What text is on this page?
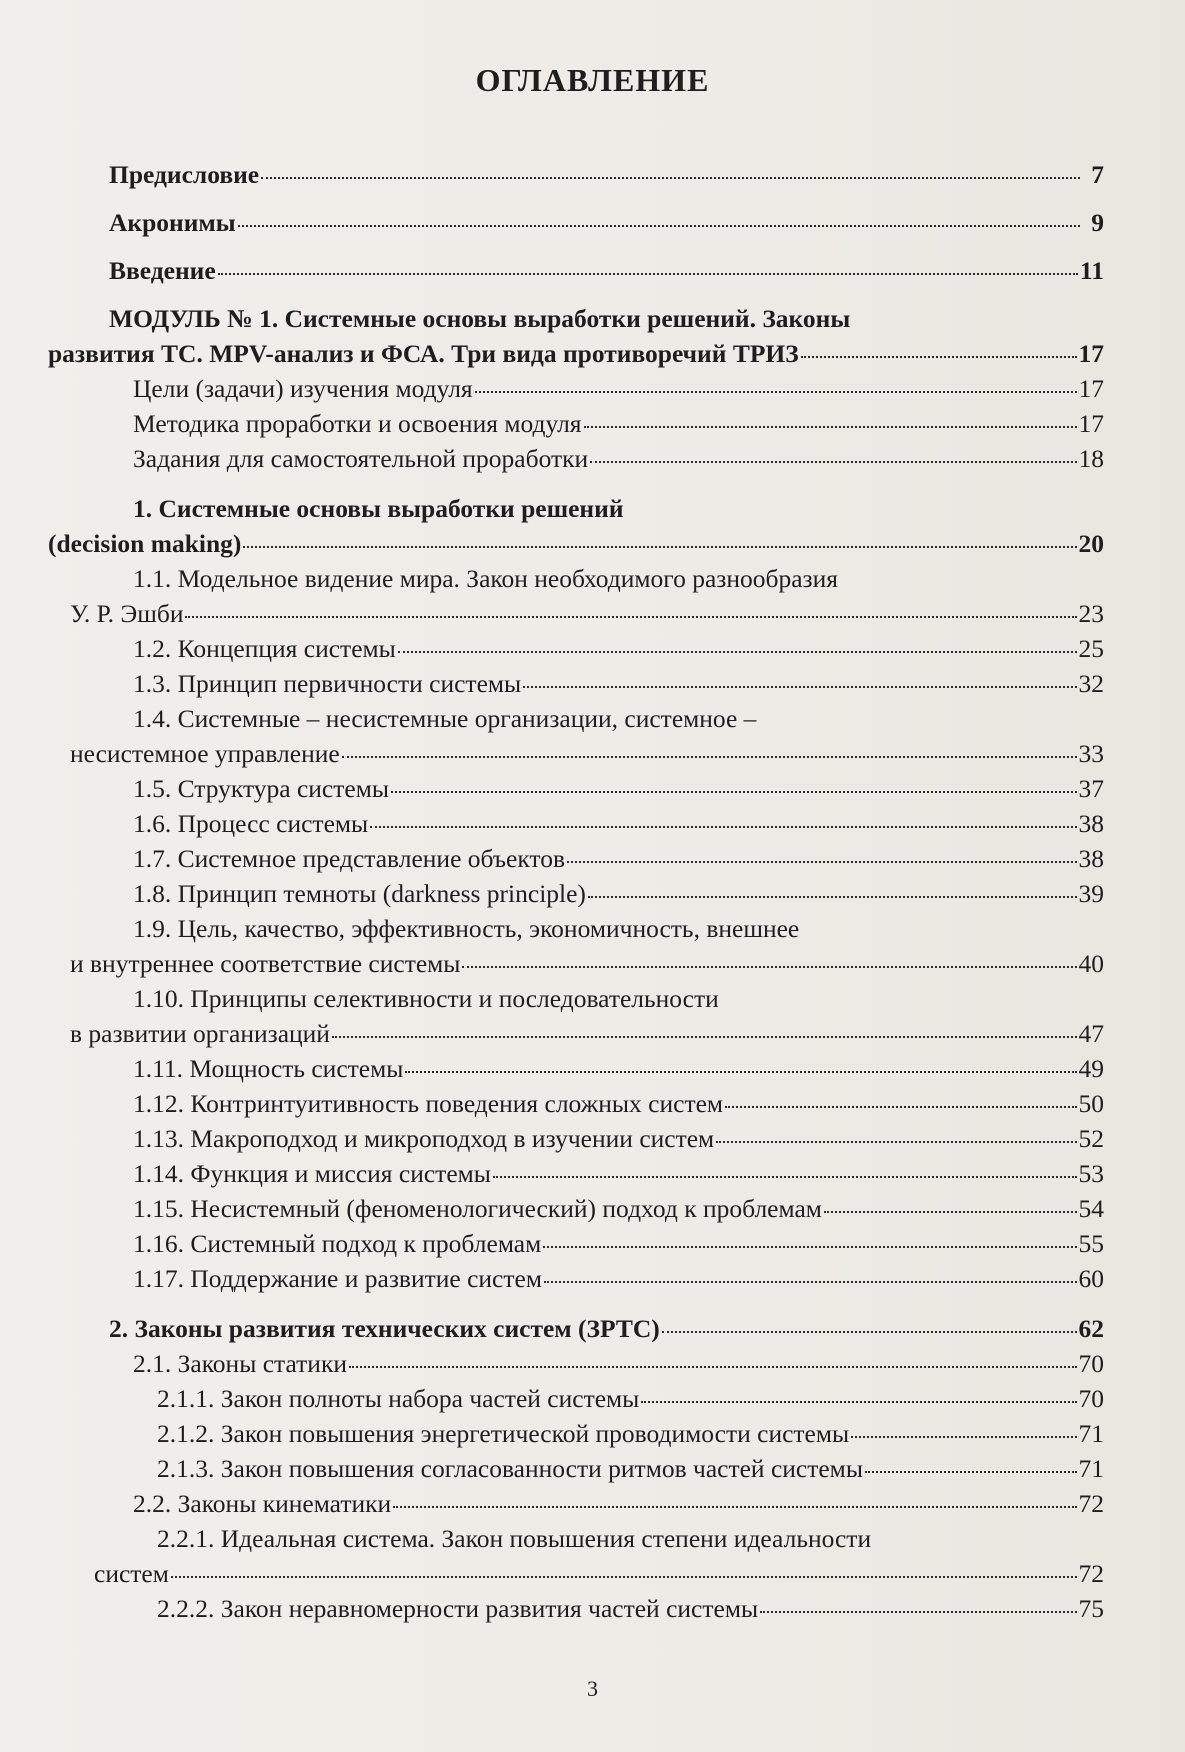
ОГЛАВЛЕНИЕ
Предисловие	7
Акронимы	9
Введение	11
МОДУЛЬ № 1. Системные основы выработки решений. Законы
развития ТС. MPV-анализ и ФСА. Три вида противоречий ТРИЗ	17
Цели (задачи) изучения модуля	17
Методика проработки и освоения модуля	17
Задания для самостоятельной проработки	18
1. Системные основы выработки решений
(decision making)	20
1.1. Модельное видение мира. Закон необходимого разнообразия
У. Р. Эшби	23
1.2. Концепция системы	25
1.3. Принцип первичности системы	32
1.4. Системные – несистемные организации, системное –
несистемное управление	33
1.5. Структура системы	37
1.6. Процесс системы	38
1.7. Системное представление объектов	38
1.8. Принцип темноты (darkness principle)	39
1.9. Цель, качество, эффективность, экономичность, внешнее
и внутреннее соответствие системы	40
1.10. Принципы селективности и последовательности
в развитии организаций	47
1.11. Мощность системы	49
1.12. Контринтуитивность поведения сложных систем	50
1.13. Макроподход и микроподход в изучении систем	52
1.14. Функция и миссия системы	53
1.15. Несистемный (феноменологический) подход к проблемам	54
1.16. Системный подход к проблемам	55
1.17. Поддержание и развитие систем	60
2. Законы развития технических систем (ЗРТС)	62
2.1. Законы статики	70
2.1.1. Закон полноты набора частей системы	70
2.1.2. Закон повышения энергетической проводимости системы	71
2.1.3. Закон повышения согласованности ритмов частей системы	71
2.2. Законы кинематики	72
2.2.1. Идеальная система. Закон повышения степени идеальности
систем	72
2.2.2. Закон неравномерности развития частей системы	75
3
